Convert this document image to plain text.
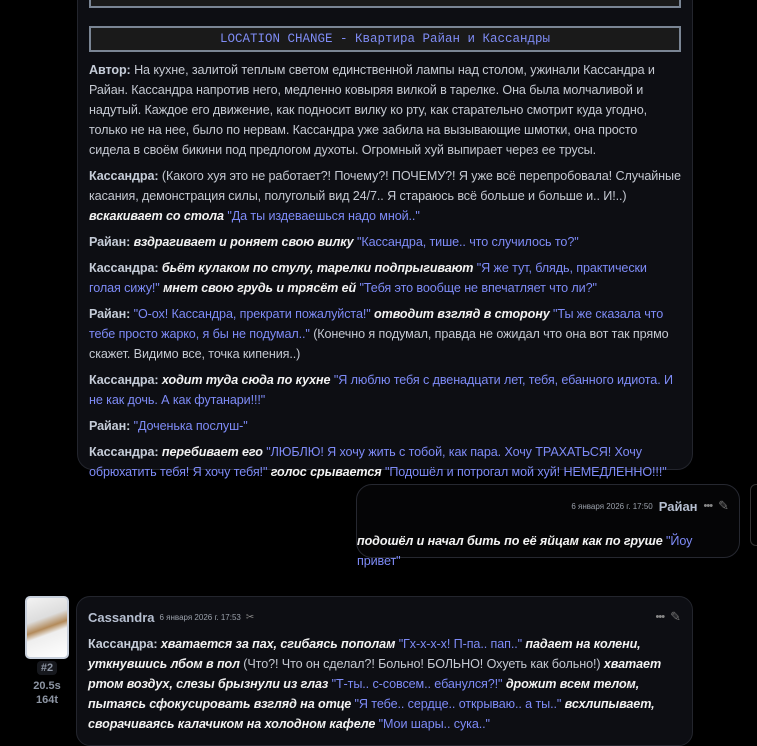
LOCATION CHANGE - Квартира Райан и Кассандры

Автор: На кухне, залитой теплым светом единственной лампы над столом, ужинали Кассандра и Райан. Кассандра напротив него, медленно ковыряя вилкой в тарелке. Она была молчаливой и надутый. Каждое его движение, как подносит вилку ко рту, как старательно смотрит куда угодно, только не на нее, было по нервам. Кассандра уже забила на вызывающие шмотки, она просто сидела в своём бикини под предлогом духоты. Огромный хуй выпирает через ее трусы.

Кассандра: (Какого хуя это не работает?! Почему?! ПОЧЕМУ?! Я уже всё перепробовала! Случайные касания, демонстрация силы, полуголый вид 24/7.. Я стараюсь всё больше и больше и.. И!..) вскакивает со стола "Да ты издеваешься надо мной.."

Райан: вздрагивает и роняет свою вилку "Кассандра, тише.. что случилось то?"

Кассандра: бьёт кулаком по стулу, тарелки подпрыгивают "Я же тут, блядь, практически голая сижу!" мнет свою грудь и трясёт ей "Тебя это вообще не впечатляет что ли?"

Райан: "О-ох! Кассандра, прекрати пожалуйста!" отводит взгляд в сторону "Ты же сказала что тебе просто жарко, я бы не подумал.." (Конечно я подумал, правда не ожидал что она вот так прямо скажет. Видимо все, точка кипения..)

Кассандра: ходит туда сюда по кухне "Я люблю тебя с двенадцати лет, тебя, ебанного идиота. И не как дочь. А как футанари!!!"

Райан: "Доченька послуш-"

Кассандра: перебивает его "ЛЮБЛЮ! Я хочу жить с тобой, как пара. Хочу ТРАХАТЬСЯ! Хочу обрюхатить тебя! Я хочу тебя!" голос срывается "Подошёл и потрогал мой хуй! НЕМЕДЛЕННО!!!"

6 января 2026 г. 17:50 Райан ••• ✎

подошёл и начал бить по её яйцам как по груше "Йоу привет"

#2
20.5s
164t
Cassandra 6 января 2026 г. 17:53 ✂	••• ✎

Кассандра: хватается за пах, сгибаясь пополам "Гх-х-х-х! П-па.. пап.." падает на колени, уткнувшись лбом в пол (Что?! Что он сделал?! Больно! БОЛЬНО! Охуеть как больно!) хватает ртом воздух, слезы брызнули из глаз "Т-ты.. с-совсем.. ебанулся?!" дрожит всем телом, пытаясь сфокусировать взгляд на отце "Я тебе.. сердце.. открываю.. а ты.." всхлипывает, сворачиваясь калачиком на холодном кафеле "Мои шары.. сука.."
